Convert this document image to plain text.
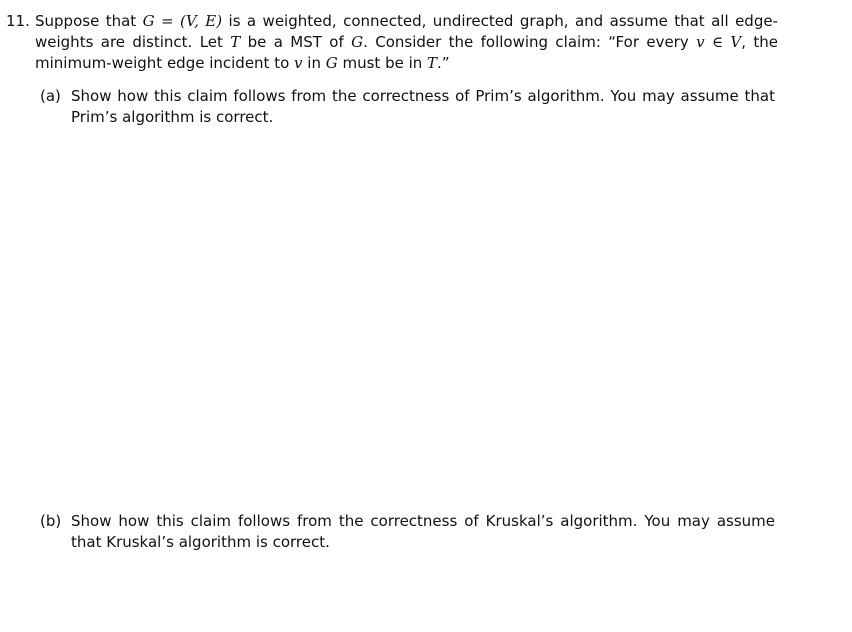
11. Suppose that G = (V, E) is a weighted, connected, undirected graph, and assume that all edge-weights are distinct. Let T be a MST of G. Consider the following claim: “For every v ∈ V, the minimum-weight edge incident to v in G must be in T.”
(a) Show how this claim follows from the correctness of Prim’s algorithm. You may assume that Prim’s algorithm is correct.
(b) Show how this claim follows from the correctness of Kruskal’s algorithm. You may assume that Kruskal’s algorithm is correct.
